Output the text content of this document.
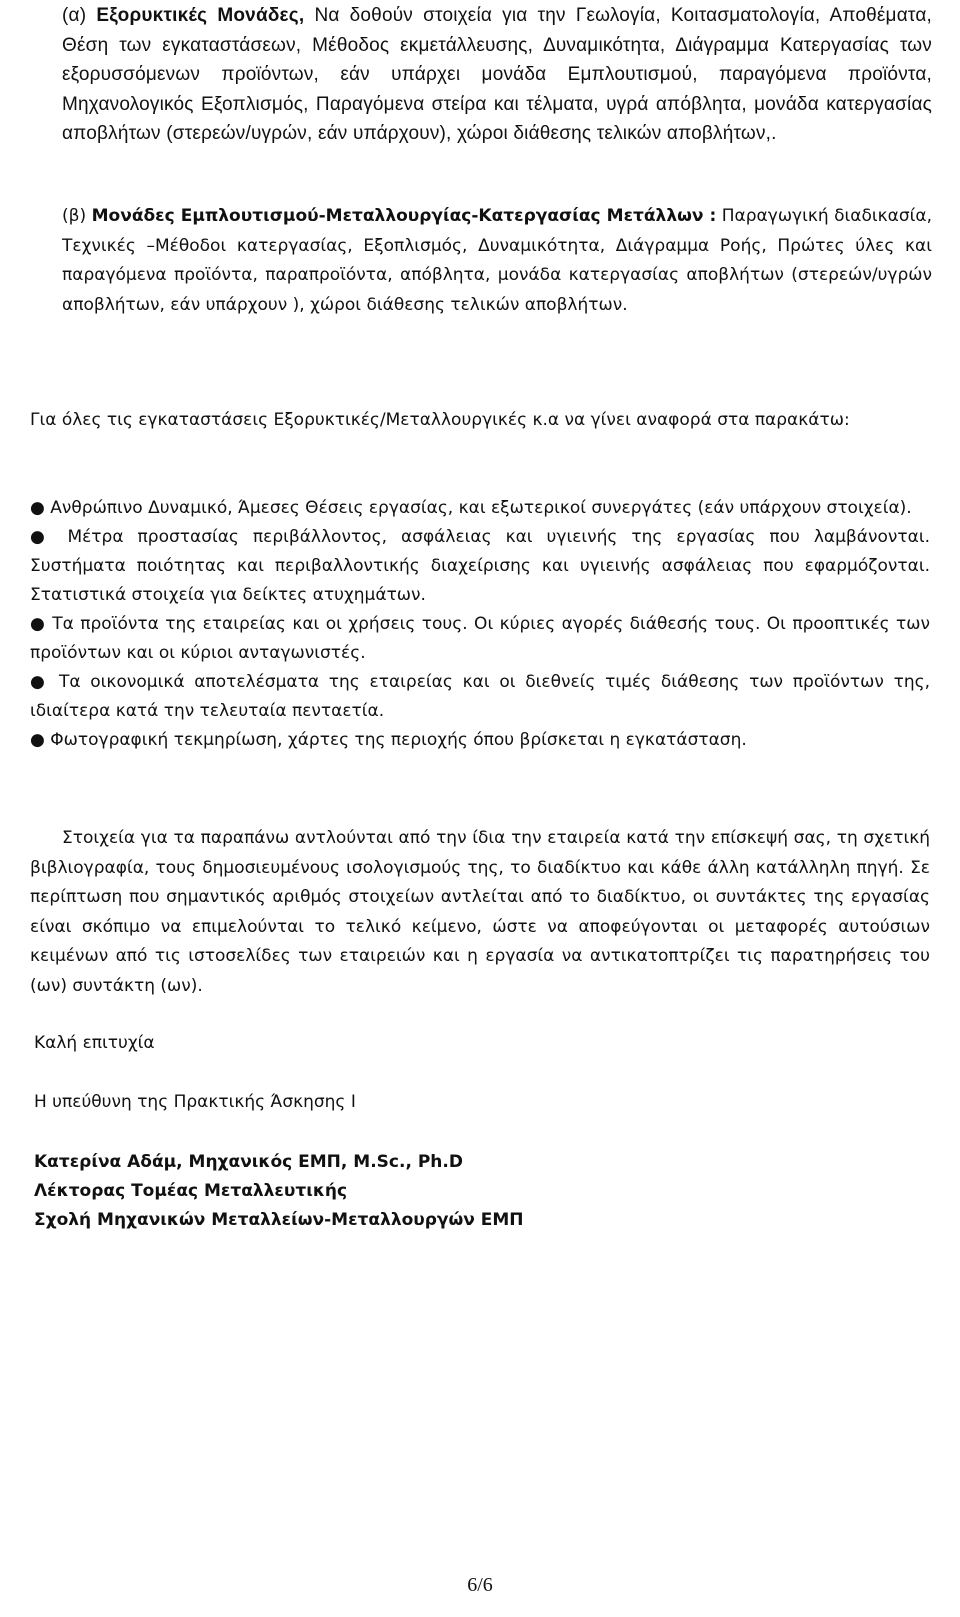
(α) Εξορυκτικές Μονάδες, Να δοθούν στοιχεία για την Γεωλογία, Κοιτασματολογία, Αποθέματα, Θέση των εγκαταστάσεων, Μέθοδος εκμετάλλευσης, Δυναμικότητα, Διάγραμμα Κατεργασίας των εξορυσσόμενων προϊόντων, εάν υπάρχει μονάδα Εμπλουτισμού, παραγόμενα προϊόντα, Μηχανολογικός Εξοπλισμός, Παραγόμενα στείρα και τέλματα, υγρά απόβλητα, μονάδα κατεργασίας αποβλήτων (στερεών/υγρών, εάν υπάρχουν), χώροι διάθεσης τελικών αποβλήτων,.
(β) Μονάδες Εμπλουτισμού-Μεταλλουργίας-Κατεργασίας Μετάλλων : Παραγωγική διαδικασία, Τεχνικές –Μέθοδοι κατεργασίας, Εξοπλισμός, Δυναμικότητα, Διάγραμμα Ροής, Πρώτες ύλες και παραγόμενα προϊόντα, παραπροϊόντα, απόβλητα, μονάδα κατεργασίας αποβλήτων (στερεών/υγρών αποβλήτων, εάν υπάρχουν ), χώροι διάθεσης τελικών αποβλήτων.
Για όλες τις εγκαταστάσεις Εξορυκτικές/Μεταλλουργικές κ.α να γίνει αναφορά στα παρακάτω:
● Ανθρώπινο Δυναμικό, Άμεσες Θέσεις εργασίας, και εξωτερικοί συνεργάτες (εάν υπάρχουν στοιχεία).
● Μέτρα προστασίας περιβάλλοντος, ασφάλειας και υγιεινής της εργασίας που λαμβάνονται. Συστήματα ποιότητας και περιβαλλοντικής διαχείρισης και υγιεινής ασφάλειας που εφαρμόζονται. Στατιστικά στοιχεία για δείκτες ατυχημάτων.
● Τα προϊόντα της εταιρείας και οι χρήσεις τους. Οι κύριες αγορές διάθεσής τους. Οι προοπτικές των προϊόντων και οι κύριοι ανταγωνιστές.
● Τα οικονομικά αποτελέσματα της εταιρείας και οι διεθνείς τιμές διάθεσης των προϊόντων της, ιδιαίτερα κατά την τελευταία πενταετία.
● Φωτογραφική τεκμηρίωση, χάρτες της περιοχής όπου βρίσκεται η εγκατάσταση.
Στοιχεία για τα παραπάνω αντλούνται από την ίδια την εταιρεία κατά την επίσκεψή σας, τη σχετική βιβλιογραφία, τους δημοσιευμένους ισολογισμούς της, το διαδίκτυο και κάθε άλλη κατάλληλη πηγή. Σε περίπτωση που σημαντικός αριθμός στοιχείων αντλείται από το διαδίκτυο, οι συντάκτες της εργασίας είναι σκόπιμο να επιμελούνται το τελικό κείμενο, ώστε να αποφεύγονται οι μεταφορές αυτούσιων κειμένων από τις ιστοσελίδες των εταιρειών και η εργασία να αντικατοπτρίζει τις παρατηρήσεις του (ων) συντάκτη (ων).
Καλή επιτυχία
Η υπεύθυνη της Πρακτικής Άσκησης Ι
Κατερίνα Αδάμ, Μηχανικός ΕΜΠ, M.Sc., Ph.D
Λέκτορας Τομέας Μεταλλευτικής
Σχολή Μηχανικών Μεταλλείων-Μεταλλουργών ΕΜΠ
6/6
